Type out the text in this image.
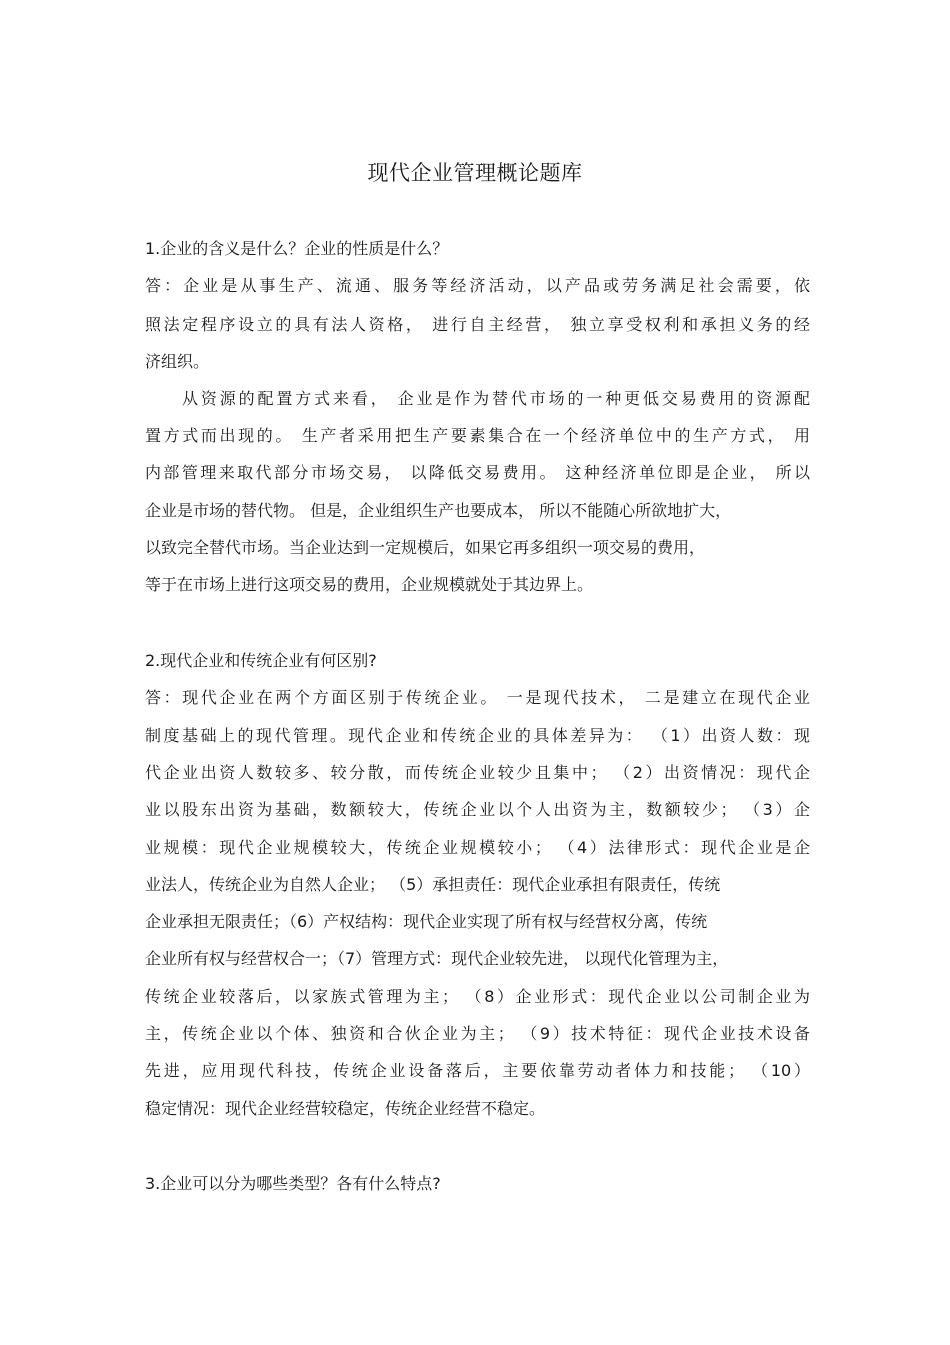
现代企业管理概论题库
1.企业的含义是什么？企业的性质是什么？
答：企业是从事生产、流通、服务等经济活动，以产品或劳务满足社会需要，依
照法定程序设立的具有法人资格， 进行自主经营， 独立享受权利和承担义务的经
济组织。
从资源的配置方式来看， 企业是作为替代市场的一种更低交易费用的资源配
置方式而出现的。 生产者采用把生产要素集合在一个经济单位中的生产方式， 用
内部管理来取代部分市场交易， 以降低交易费用。 这种经济单位即是企业， 所以
企业是市场的替代物。 但是，企业组织生产也要成本， 所以不能随心所欲地扩大，
以致完全替代市场。当企业达到一定规模后，如果它再多组织一项交易的费用，
等于在市场上进行这项交易的费用，企业规模就处于其边界上。
2.现代企业和传统企业有何区别?
答：现代企业在两个方面区别于传统企业。 一是现代技术， 二是建立在现代企业
制度基础上的现代管理。现代企业和传统企业的具体差异为： （1）出资人数：现
代企业出资人数较多、较分散，而传统企业较少且集中； （2）出资情况：现代企
业以股东出资为基础，数额较大，传统企业以个人出资为主，数额较少； （3）企
业规模：现代企业规模较大，传统企业规模较小； （4）法律形式：现代企业是企
业法人，传统企业为自然人企业； （5）承担责任：现代企业承担有限责任，传统
企业承担无限责任；（6）产权结构：现代企业实现了所有权与经营权分离，传统
企业所有权与经营权合一；（7）管理方式：现代企业较先进， 以现代化管理为主，
传统企业较落后，以家族式管理为主； （8）企业形式：现代企业以公司制企业为
主，传统企业以个体、独资和合伙企业为主； （9）技术特征：现代企业技术设备
先进，应用现代科技，传统企业设备落后，主要依靠劳动者体力和技能； （10）
稳定情况：现代企业经营较稳定，传统企业经营不稳定。
3.企业可以分为哪些类型？各有什么特点?
